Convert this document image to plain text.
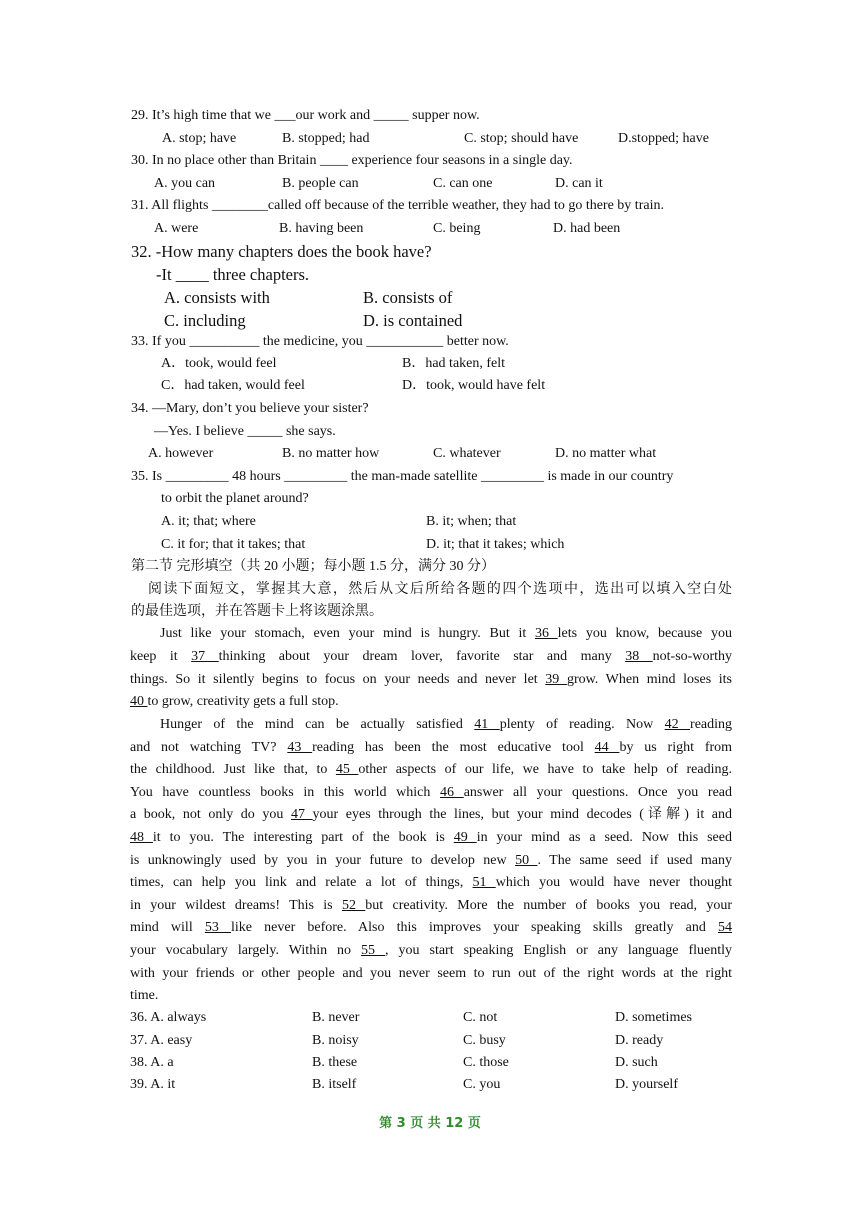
29. It’s high time that we ___our work and _____ supper now.
A. stop; have	B. stopped; had	C. stop; should have	D.stopped; have
30. In no place other than Britain ____ experience four seasons in a single day.
A. you can	B. people can	C. can one	D. can it
31. All flights ________called off because of the terrible weather, they had to go there by train.
A. were	B. having been	C. being	D. had been
32. -How many chapters does the book have?
-It ____ three chapters.
A. consists with	B. consists of
C. including	D. is contained
33. If you __________ the medicine, you ___________ better now.
A．took, would feel	B．had taken, felt
C．had taken, would feel	D．took, would have felt
34. —Mary, don’t you believe your sister?
—Yes. I believe _____ she says.
A. however	B. no matter how	C. whatever	D. no matter what
35. Is _________ 48 hours _________ the man-made satellite _________ is made in our country
to orbit the planet around?
A. it; that; where	B. it; when; that
C. it for; that it takes; that	D. it; that it takes; which
第二节 完形填空（共 20 小题；每小题 1.5 分，满分 30 分）
阅读下面短文，掌握其大意，然后从文后所给各题的四个选项中，选出可以填入空白处
的最佳选项，并在答题卡上将该题涂黑。
Just like your stomach, even your mind is hungry. But it 36 lets you know, because you
keep it 37 thinking about your dream lover, favorite star and many 38 not-so-worthy
things. So it silently begins to focus on your needs and never let 39 grow. When mind loses its
40 to grow, creativity gets a full stop.
Hunger of the mind can be actually satisfied 41 plenty of reading. Now 42 reading
and not watching TV? 43 reading has been the most educative tool 44 by us right from
the childhood. Just like that, to 45 other aspects of our life, we have to take help of reading.
You have countless books in this world which 46 answer all your questions. Once you read
a book, not only do you 47 your eyes through the lines, but your mind decodes (译解) it and
48 it to you. The interesting part of the book is 49 in your mind as a seed. Now this seed
is unknowingly used by you in your future to develop new 50 . The same seed if used many
times, can help you link and relate a lot of things, 51 which you would have never thought
in your wildest dreams! This is 52 but creativity. More the number of books you read, your
mind will 53 like never before. Also this improves your speaking skills greatly and 54
your vocabulary largely. Within no 55 , you start speaking English or any language fluently
with your friends or other people and you never seem to run out of the right words at the right
time.
36. A. always	B. never	C. not	D. sometimes
37. A. easy	B. noisy	C. busy	D. ready
38. A. a	B. these	C. those	D. such
39. A. it	B. itself	C. you	D. yourself
第 3 页 共 12 页
